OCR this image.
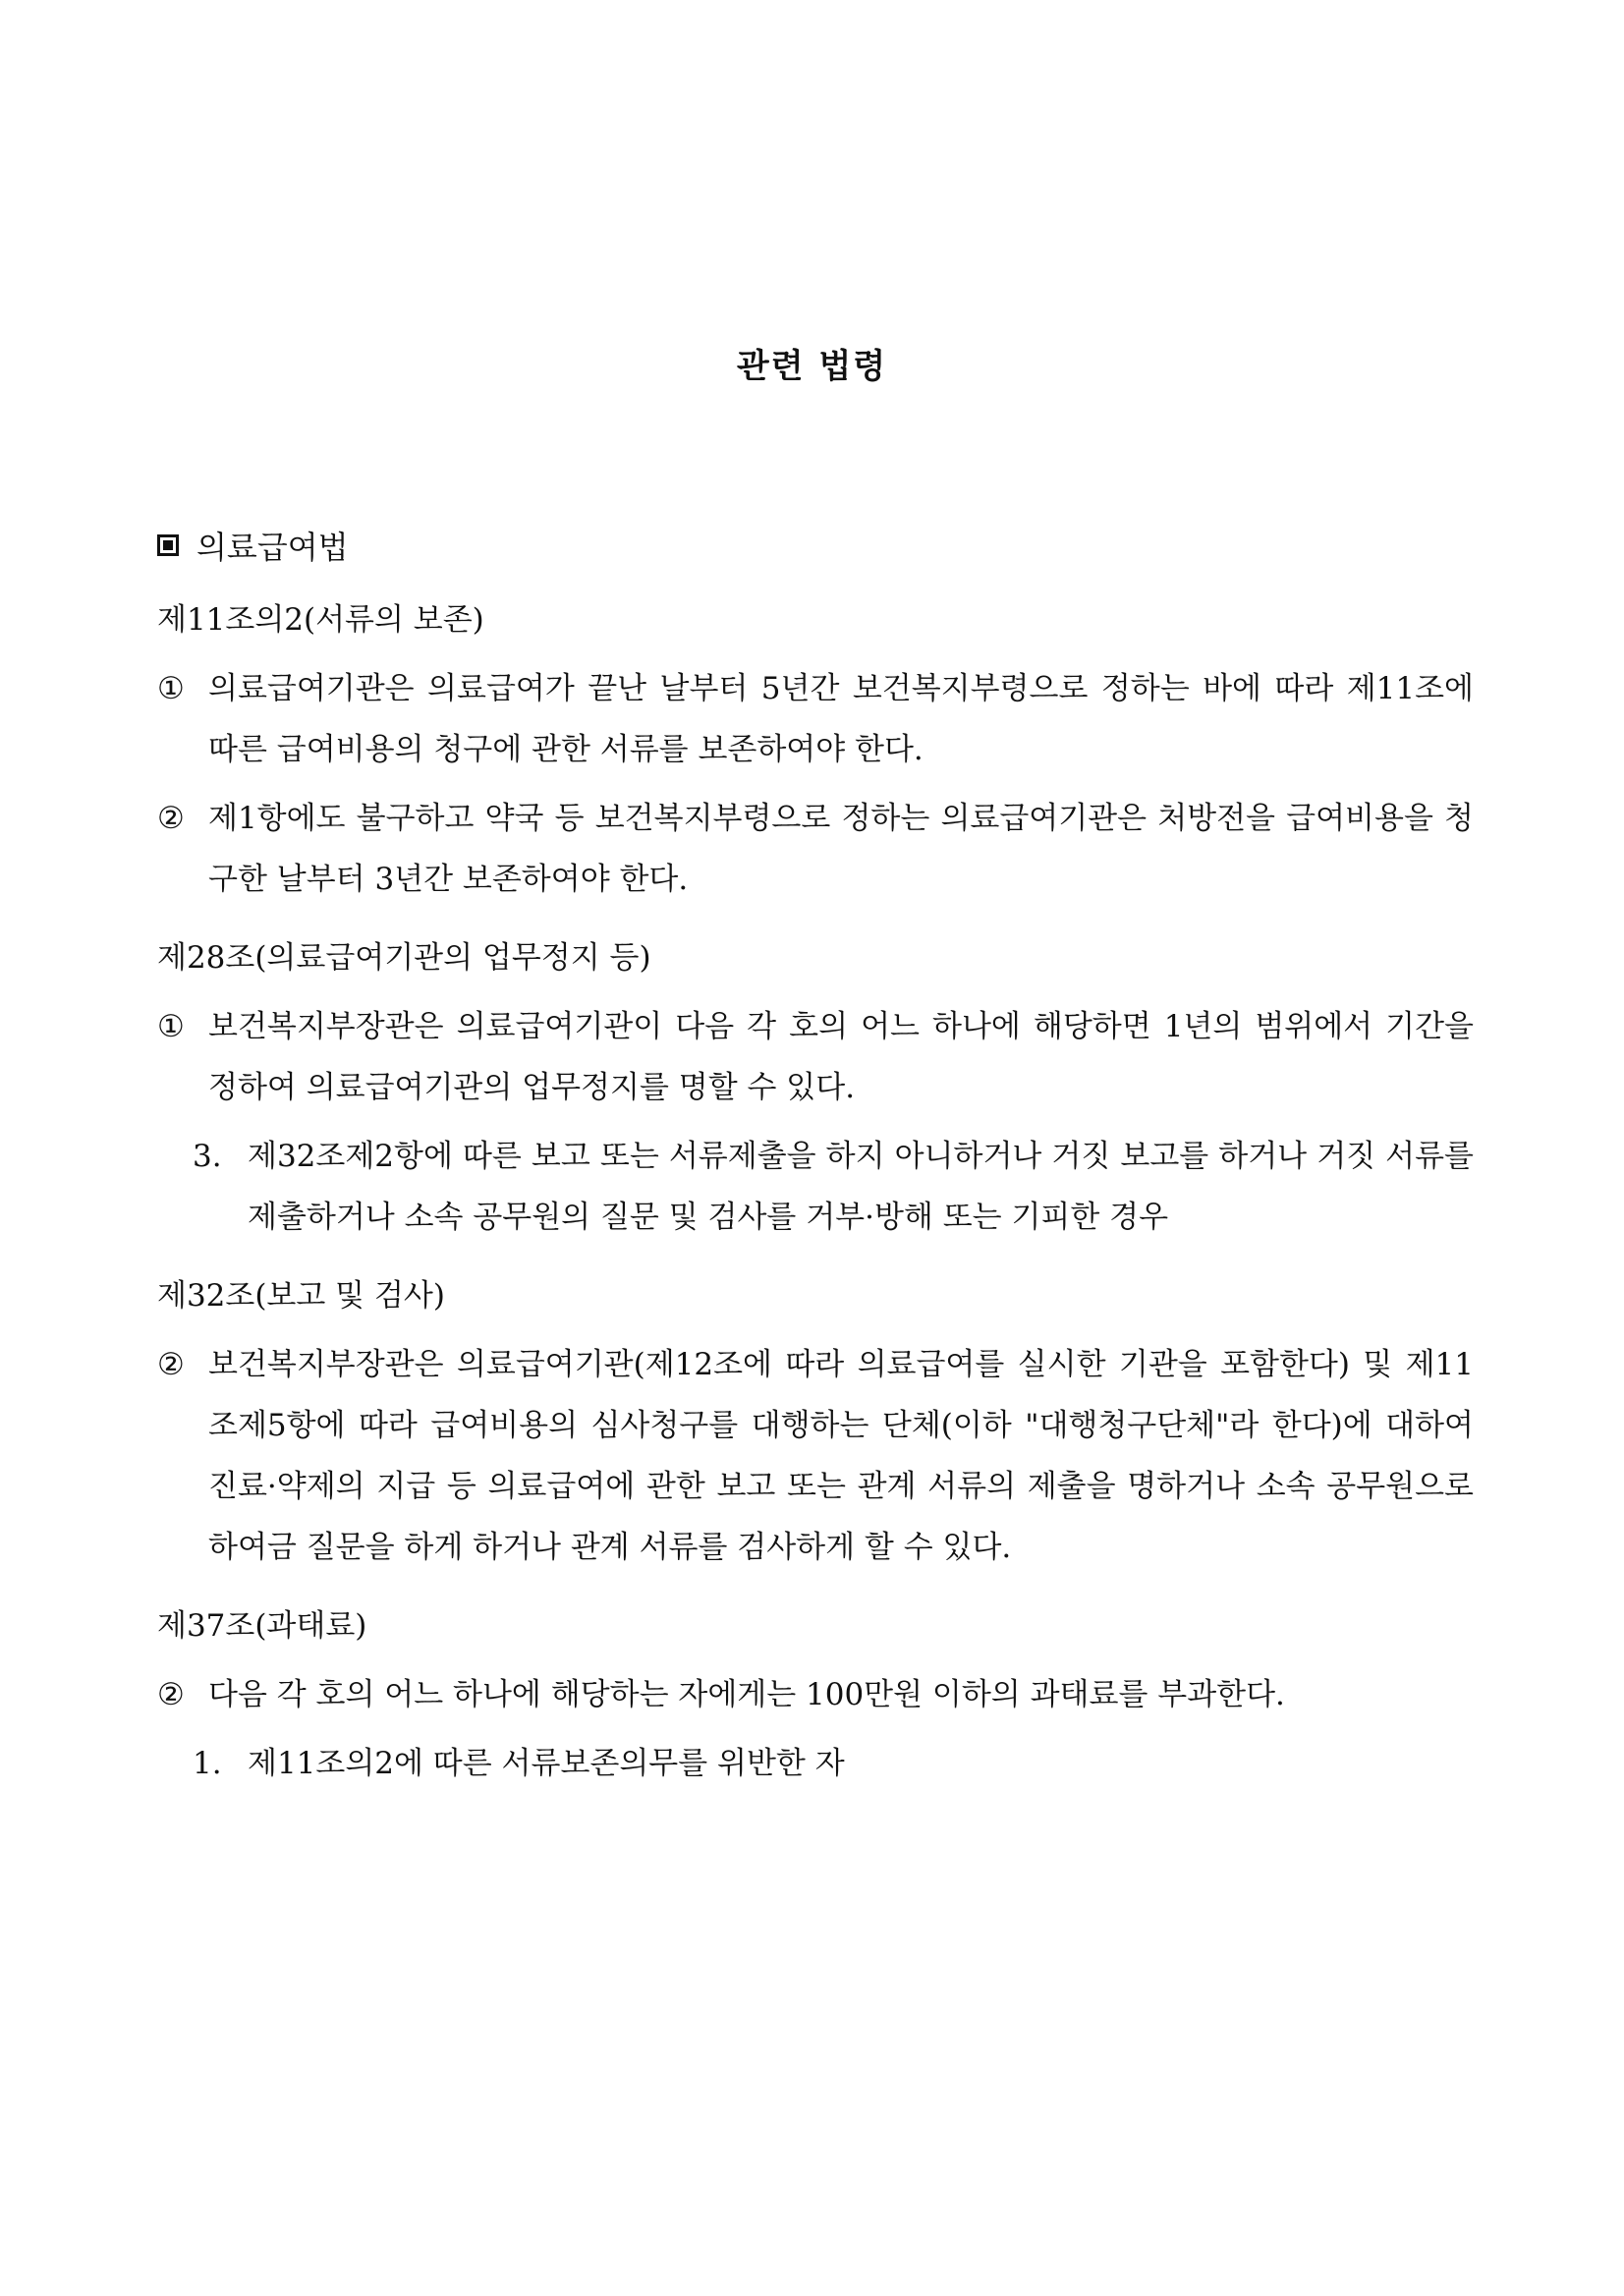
관련 법령
의료급여법
제11조의2(서류의 보존)
① 의료급여기관은 의료급여가 끝난 날부터 5년간 보건복지부령으로 정하는 바에 따라 제11조에 따른 급여비용의 청구에 관한 서류를 보존하여야 한다.
② 제1항에도 불구하고 약국 등 보건복지부령으로 정하는 의료급여기관은 처방전을 급여비용을 청구한 날부터 3년간 보존하여야 한다.
제28조(의료급여기관의 업무정지 등)
① 보건복지부장관은 의료급여기관이 다음 각 호의 어느 하나에 해당하면 1년의 범위에서 기간을 정하여 의료급여기관의 업무정지를 명할 수 있다.
3. 제32조제2항에 따른 보고 또는 서류제출을 하지 아니하거나 거짓 보고를 하거나 거짓 서류를 제출하거나 소속 공무원의 질문 및 검사를 거부·방해 또는 기피한 경우
제32조(보고 및 검사)
② 보건복지부장관은 의료급여기관(제12조에 따라 의료급여를 실시한 기관을 포함한다) 및 제11조제5항에 따라 급여비용의 심사청구를 대행하는 단체(이하 "대행청구단체"라 한다)에 대하여 진료·약제의 지급 등 의료급여에 관한 보고 또는 관계 서류의 제출을 명하거나 소속 공무원으로 하여금 질문을 하게 하거나 관계 서류를 검사하게 할 수 있다.
제37조(과태료)
② 다음 각 호의 어느 하나에 해당하는 자에게는 100만원 이하의 과태료를 부과한다.
1. 제11조의2에 따른 서류보존의무를 위반한 자
